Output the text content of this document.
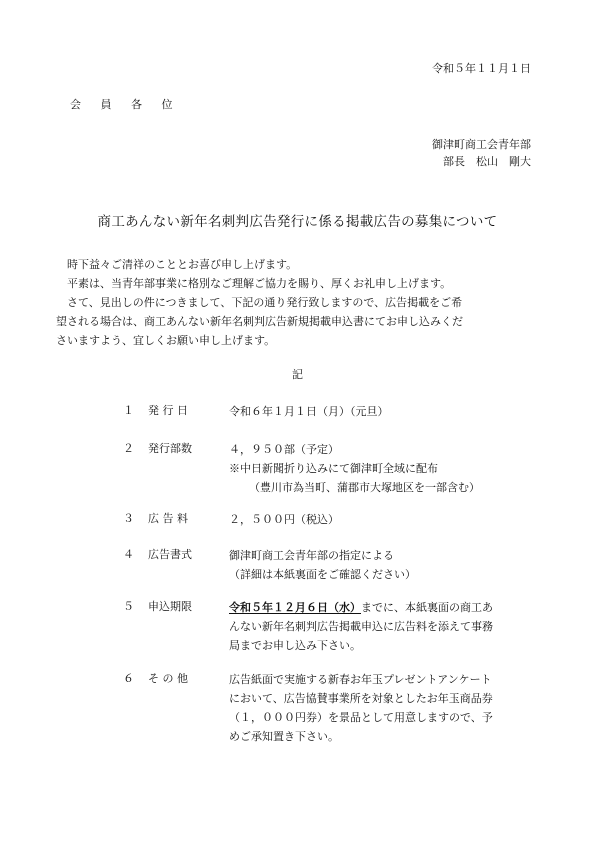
令和５年１１月１日
会 員 各 位
御津町商工会青年部
部長　松山　剛大
商工あんない新年名刺判広告発行に係る掲載広告の募集について

時下益々ご清祥のこととお喜び申し上げます。

平素は、当青年部事業に格別なご理解ご協力を賜り、厚くお礼申し上げます。

さて、見出しの件につきまして、下記の通り発行致しますので、広告掲載をご希

望される場合は、商工あんない新年名刺判広告新規掲載申込書にてお申し込みくだ

さいますよう、宜しくお願い申し上げます。

記
１ 発 行 日	令和６年１月１日（月）（元旦）
２ 発行部数	４，９５０部（予定）
※中日新聞折り込みにて御津町全域に配布
（豊川市為当町、蒲郡市大塚地区を一部含む）
３ 広 告 料	２，５００円（税込）
４ 広告書式	御津町商工会青年部の指定による
（詳細は本紙裏面をご確認ください）
５ 申込期限	令和５年１２月６日（水）までに、本紙裏面の商工あ
んない新年名刺判広告掲載申込に広告料を添えて事務
局までお申し込み下さい。
６ そ の 他	広告紙面で実施する新春お年玉プレゼントアンケート
において、広告協賛事業所を対象としたお年玉商品券
（１，０００円券）を景品として用意しますので、予
めご承知置き下さい。
